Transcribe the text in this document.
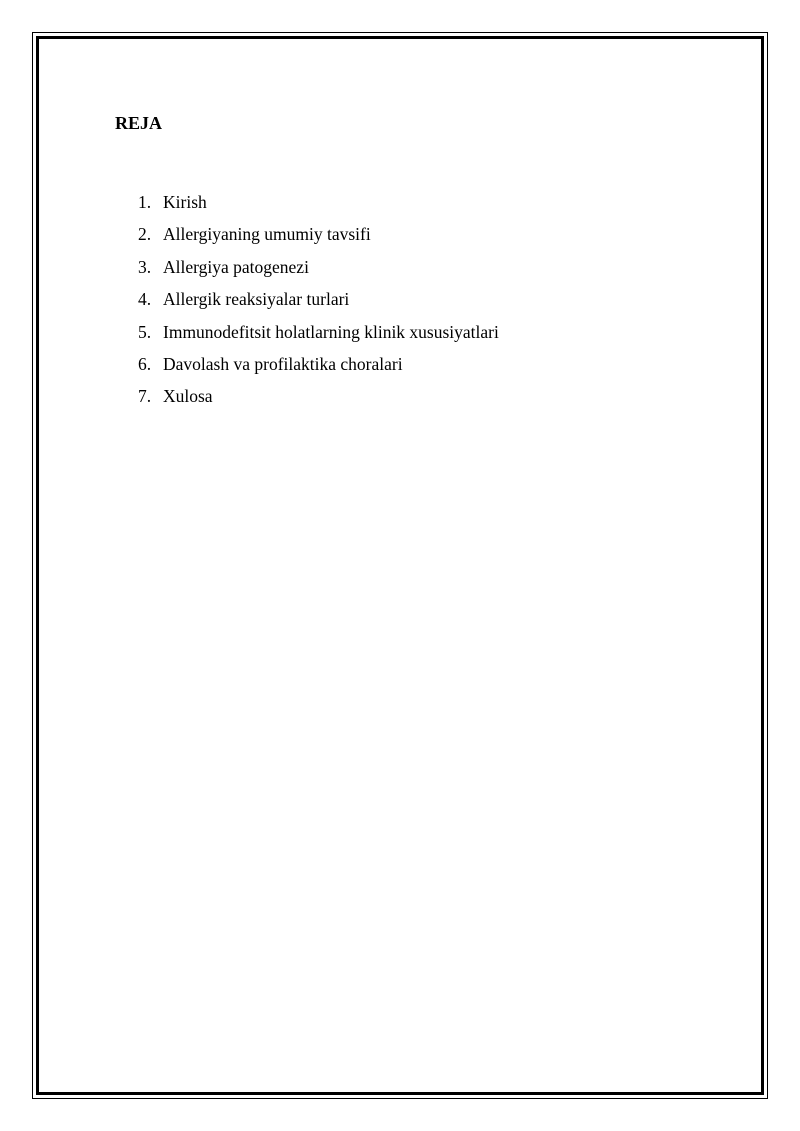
REJA
1. Kirish
2. Allergiyaning umumiy tavsifi
3. Allergiya patogenezi
4. Allergik reaksiyalar turlari
5. Immunodefitsit holatlarning klinik xususiyatlari
6. Davolash va profilaktika choralari
7. Xulosa
